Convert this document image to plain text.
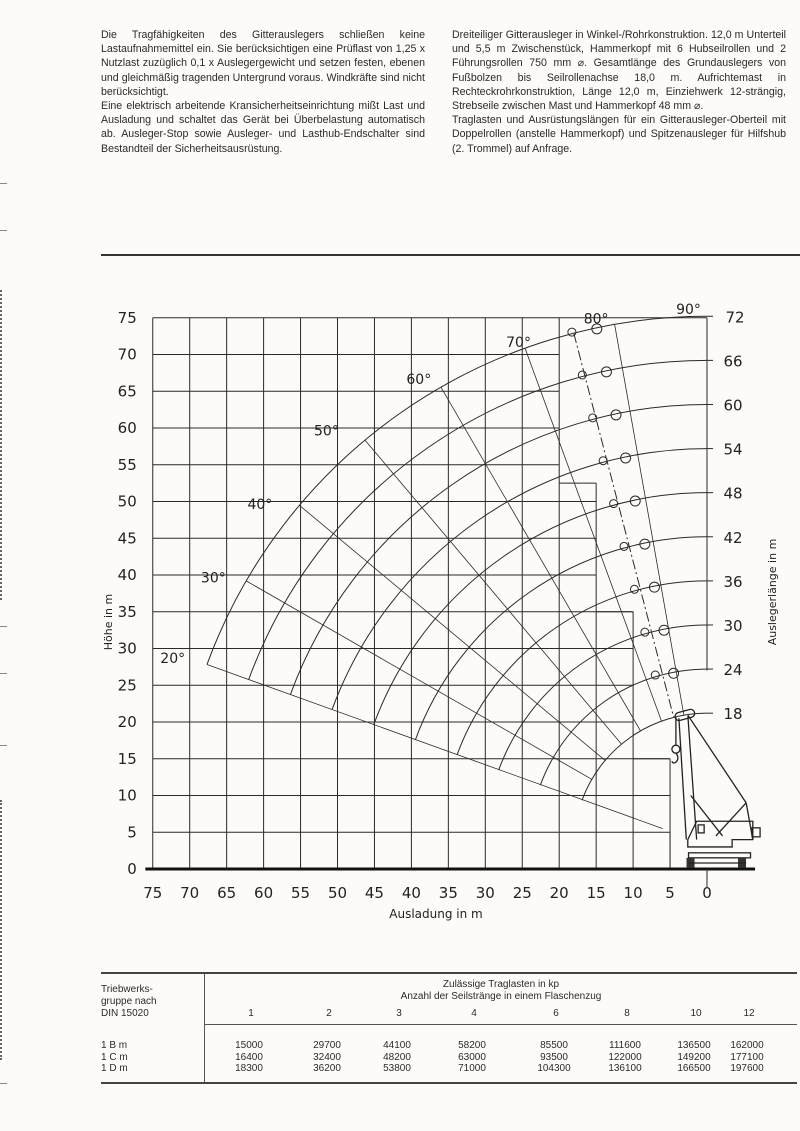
Die Tragfähigkeiten des Gitterauslegers schließen keine Lastaufnahmemittel ein. Sie berücksichtigen eine Prüflast von 1,25 x Nutzlast zuzüglich 0,1 x Auslegergewicht und setzen festen, ebenen und gleichmäßig tragenden Untergrund voraus. Windkräfte sind nicht berücksichtigt.

Eine elektrisch arbeitende Kransicherheitseinrichtung mißt Last und Ausladung und schaltet das Gerät bei Überbelastung automatisch ab. Ausleger-Stop sowie Ausleger- und Lasthub-Endschalter sind Bestandteil der Sicherheitsausrüstung.

Dreiteiliger Gitterausleger in Winkel-/Rohrkonstruktion. 12,0 m Unterteil und 5,5 m Zwischenstück, Hammerkopf mit 6 Hubseilrollen und 2 Führungsrollen 750 mm ⌀. Gesamtlänge des Grundauslegers von Fußbolzen bis Seilrollenachse 18,0 m. Aufrichtemast in Rechteckrohrkonstruktion, Länge 12,0 m, Einziehwerk 12-strängig, Strebseile zwischen Mast und Hammerkopf 48 mm ⌀.

Traglasten und Ausrüstungslängen für ein Gitterausleger-Oberteil mit Doppelrollen (anstelle Hammerkopf) und Spitzenausleger für Hilfshub (2. Trommel) auf Anfrage.

72
66
60
54
48
42
36
30
24
18
20°
30°
40°
50°
60°
70°
80°
90°
75 70 65 60 55 50 45 40 35 30 25 20 15 10 5 0
0
5
10
15
20
25
30
35
40
45
50
55
60
65
70
75
Ausladung in m
Höhe in m	Auslegerlänge in m
Triebwerks-
gruppe nach
DIN 15020
Zulässige Traglasten in kp
Anzahl der Seilstränge in einem Flaschenzug
1	2	3	4	6	8	10	12
1 B m	15000	29700	44100	58200	85500	111600	136500	162000
1 C m	16400	32400	48200	63000	93500	122000	149200	177100
1 D m	18300	36200	53800	71000	104300	136100	166500	197600
